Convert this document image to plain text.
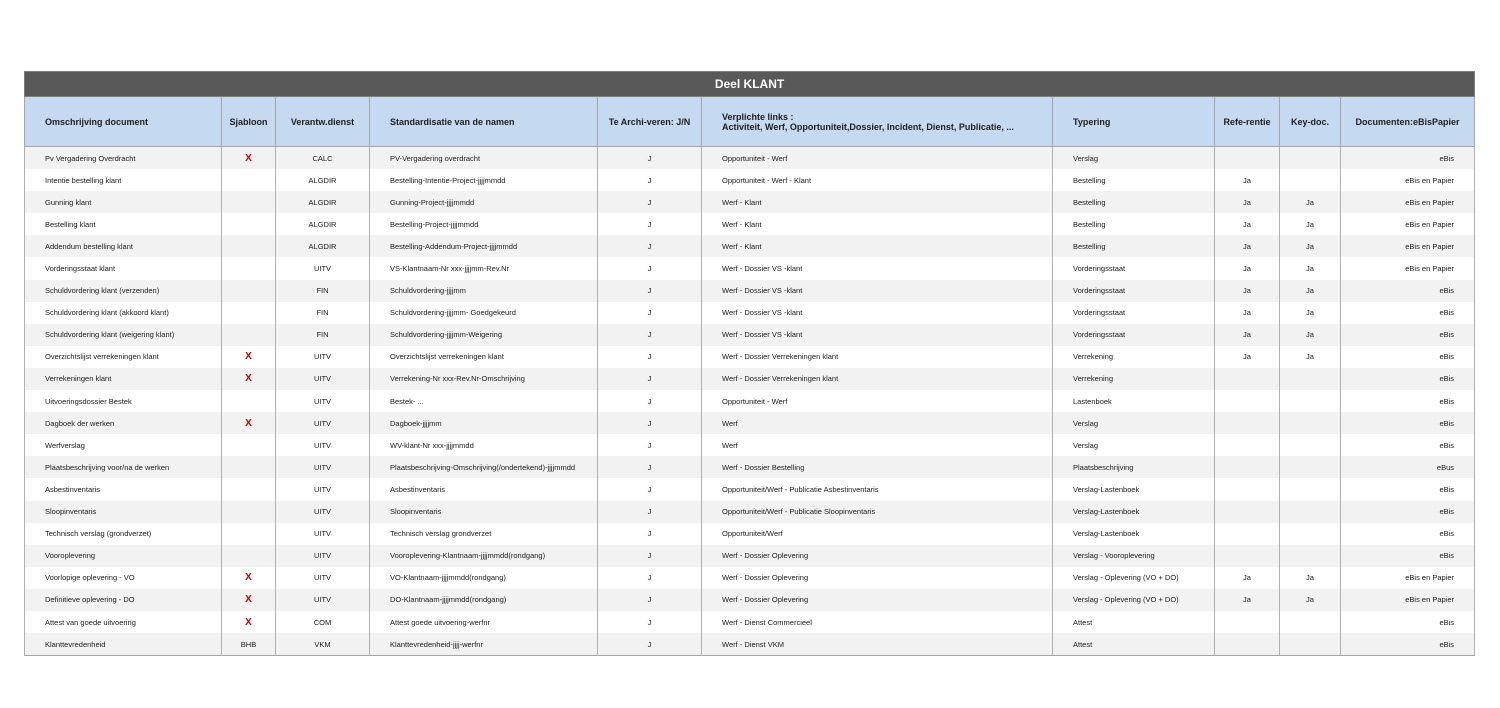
Deel KLANT									
Omschrijving document	Sjabloon	Verantw.dienst	Standardisatie van de namen	Te Archi-veren: J/N	Verplichte links :
Activiteit, Werf, Opportuniteit,Dossier, Incident, Dienst, Publicatie, ...	Typering	Refe-rentie	Key-doc.	Documenten:eBisPapier
Pv Vergadering Overdracht	X	CALC	PV-Vergadering overdracht	J	Opportuniteit - Werf	Verslag			eBis
Intentie bestelling klant		ALGDIR	Bestelling-Intentie-Project-jjjjmmdd	J	Opportuniteit - Werf - Klant	Bestelling	Ja		eBis en Papier
Gunning klant		ALGDIR	Gunning-Project-jjjjmmdd	J	Werf - Klant	Bestelling	Ja	Ja	eBis en Papier
Bestelling klant		ALGDIR	Bestelling-Project-jjjjmmdd	J	Werf - Klant	Bestelling	Ja	Ja	eBis en Papier
Addendum bestelling klant		ALGDIR	Bestelling-Addendum-Project-jjjjmmdd	J	Werf - Klant	Bestelling	Ja	Ja	eBis en Papier
Vorderingsstaat klant		UITV	VS-Klantnaam-Nr xxx-jjjjmm-Rev.Nr	J	Werf - Dossier VS -klant	Vorderingsstaat	Ja	Ja	eBis en Papier
Schuldvordering klant (verzenden)		FIN	Schuldvordering-jjjjmm	J	Werf - Dossier VS -klant	Vorderingsstaat	Ja	Ja	eBis
Schuldvordering klant (akkoord klant)		FIN	Schuldvordering-jjjjmm- Goedgekeurd	J	Werf - Dossier VS -klant	Vorderingsstaat	Ja	Ja	eBis
Schuldvordering klant (weigering klant)		FIN	Schuldvordering-jjjjmm-Weigering	J	Werf - Dossier VS -klant	Vorderingsstaat	Ja	Ja	eBis
Overzichtslijst verrekeningen klant	X	UITV	Overzichtslijst verrekeningen klant	J	Werf - Dossier Verrekeningen klant	Verrekening	Ja	Ja	eBis
Verrekeningen klant	X	UITV	Verrekening-Nr xxx-Rev.Nr-Omschrijving	J	Werf - Dossier Verrekeningen klant	Verrekening			eBis
Uitvoeringsdossier Bestek		UITV	Bestek- ...	J	Opportuniteit - Werf	Lastenboek			eBis
Dagboek der werken	X	UITV	Dagboek-jjjjmm	J	Werf	Verslag			eBis
Werfverslag		UITV	WV-klant-Nr xxx-jjjjmmdd	J	Werf	Verslag			eBis
Plaatsbeschrijving voor/na de werken		UITV	Plaatsbeschrijving-Omschrijving(/ondertekend)-jjjjmmdd	J	Werf - Dossier Bestelling	Plaatsbeschrijving			eBus
Asbestinventaris		UITV	Asbestinventaris	J	Opportuniteit/Werf - Publicatie Asbestinventaris	Verslag-Lastenboek			eBis
Sloopinventaris		UITV	Sloopinventaris	J	Opportuniteit/Werf - Publicatie Sloopinventaris	Verslag-Lastenboek			eBis
Technisch verslag (grondverzet)		UITV	Technisch verslag grondverzet	J	Opportuniteit/Werf	Verslag-Lastenboek			eBis
Vooroplevering		UITV	Vooroplevering-Klantnaam-jjjjmmdd(rondgang)	J	Werf - Dossier Oplevering	Verslag - Vooroplevering			eBis
Voorlopige oplevering - VO	X	UITV	VO-Klantnaam-jjjjmmdd(rondgang)	J	Werf - Dossier Oplevering	Verslag - Oplevering (VO + DO)	Ja	Ja	eBis en Papier
Definitieve oplevering - DO	X	UITV	DO-Klantnaam-jjjjmmdd(rondgang)	J	Werf - Dossier Oplevering	Verslag - Oplevering (VO + DO)	Ja	Ja	eBis en Papier
Attest van goede uitvoering	X	COM	Attest goede uitvoering-werfnr	J	Werf - Dienst Commercieel	Attest			eBis
Klanttevredenheid	BHB	VKM	Klanttevredenheid-jjjj-werfnr	J	Werf - Dienst VKM	Attest			eBis
